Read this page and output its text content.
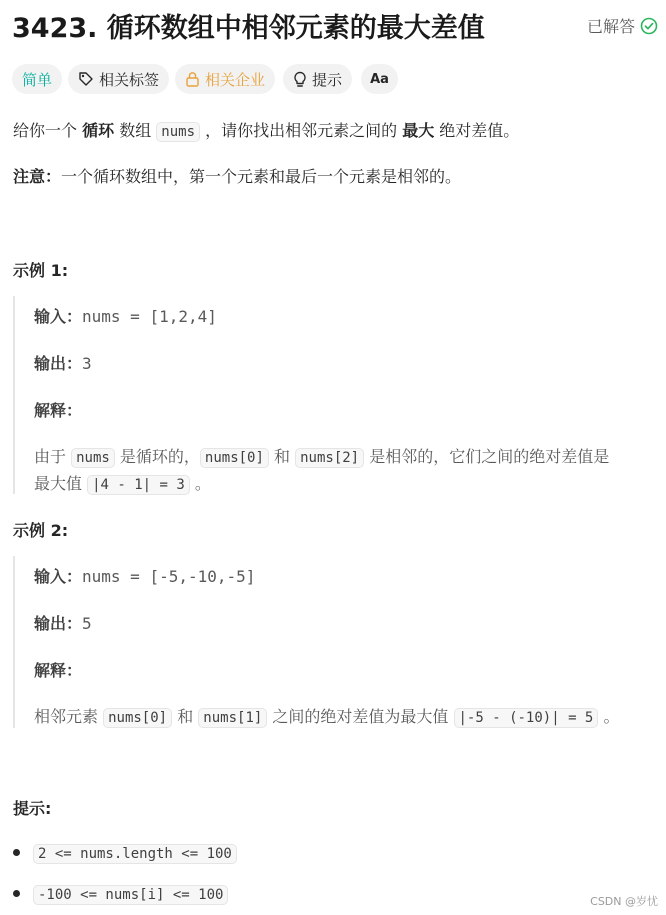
3423. 循环数组中相邻元素的最大差值	已解答
简单	相关标签	相关企业	提示 Aa
给你一个 循环 数组 nums ，请你找出相邻元素之间的 最大 绝对差值。
注意：一个循环数组中，第一个元素和最后一个元素是相邻的。
示例 1:
输入：nums = [1,2,4]
输出：3
解释：
由于 nums 是循环的， nums[0] 和 nums[2] 是相邻的，它们之间的绝对差值是
最大值 |4 - 1| = 3 。
示例 2:
输入：nums = [-5,-10,-5]
输出：5
解释：
相邻元素 nums[0] 和 nums[1] 之间的绝对差值为最大值 |-5 - (-10)| = 5 。
提示:
2 <= nums.length <= 100
-100 <= nums[i] <= 100	CSDN @岁忧
